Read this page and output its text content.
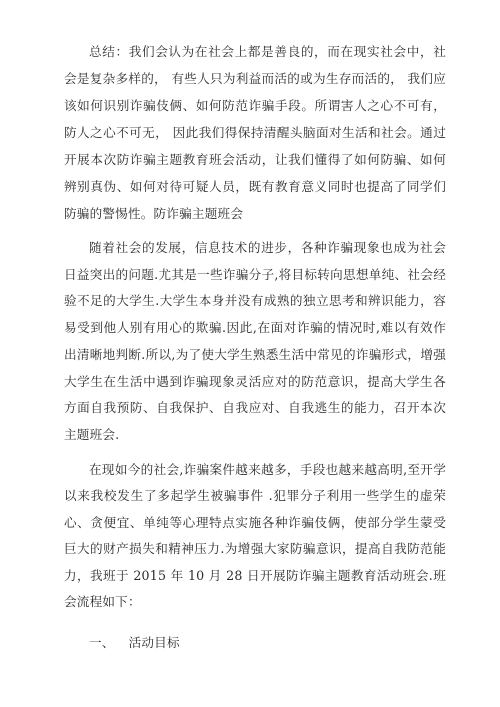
总结：我们会认为在社会上都是善良的，而在现实社会中，社会是复杂多样的， 有些人只为利益而活的或为生存而活的， 我们应该如何识别诈骗伎俩、如何防范诈骗手段。所谓害人之心不可有，防人之心不可无， 因此我们得保持清醒头脑面对生活和社会。通过开展本次防诈骗主题教育班会活动，让我们懂得了如何防骗、如何辨别真伪、如何对待可疑人员，既有教育意义同时也提高了同学们防骗的警惕性。防诈骗主题班会

随着社会的发展，信息技术的进步，各种诈骗现象也成为社会日益突出的问题.尤其是一些诈骗分子,将目标转向思想单纯、社会经验不足的大学生.大学生本身并没有成熟的独立思考和辨识能力，容易受到他人别有用心的欺骗.因此,在面对诈骗的情况时,难以有效作出清晰地判断.所以,为了使大学生熟悉生活中常见的诈骗形式，增强大学生在生活中遇到诈骗现象灵活应对的防范意识，提高大学生各方面自我预防、自我保护、自我应对、自我逃生的能力，召开本次主题班会.

在现如今的社会,诈骗案件越来越多，手段也越来越高明,至开学以来我校发生了多起学生被骗事件 .犯罪分子利用一些学生的虚荣心、贪便宜、单纯等心理特点实施各种诈骗伎俩，使部分学生蒙受巨大的财产损失和精神压力.为增强大家防骗意识，提高自我防范能力，我班于 2015 年 10 月 28 日开展防诈骗主题教育活动班会.班会流程如下：

一、 活动目标
